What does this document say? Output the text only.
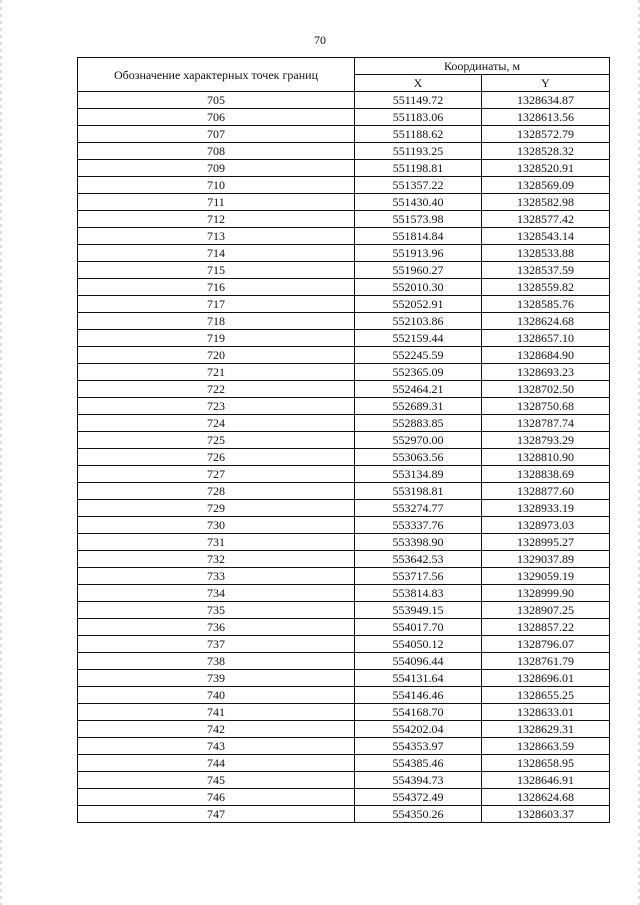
70
Обозначение характерных точек границ	Координаты, м	
	X	Y
705	551149.72	1328634.87
706	551183.06	1328613.56
707	551188.62	1328572.79
708	551193.25	1328528.32
709	551198.81	1328520.91
710	551357.22	1328569.09
711	551430.40	1328582.98
712	551573.98	1328577.42
713	551814.84	1328543.14
714	551913.96	1328533.88
715	551960.27	1328537.59
716	552010.30	1328559.82
717	552052.91	1328585.76
718	552103.86	1328624.68
719	552159.44	1328657.10
720	552245.59	1328684.90
721	552365.09	1328693.23
722	552464.21	1328702.50
723	552689.31	1328750.68
724	552883.85	1328787.74
725	552970.00	1328793.29
726	553063.56	1328810.90
727	553134.89	1328838.69
728	553198.81	1328877.60
729	553274.77	1328933.19
730	553337.76	1328973.03
731	553398.90	1328995.27
732	553642.53	1329037.89
733	553717.56	1329059.19
734	553814.83	1328999.90
735	553949.15	1328907.25
736	554017.70	1328857.22
737	554050.12	1328796.07
738	554096.44	1328761.79
739	554131.64	1328696.01
740	554146.46	1328655.25
741	554168.70	1328633.01
742	554202.04	1328629.31
743	554353.97	1328663.59
744	554385.46	1328658.95
745	554394.73	1328646.91
746	554372.49	1328624.68
747	554350.26	1328603.37
